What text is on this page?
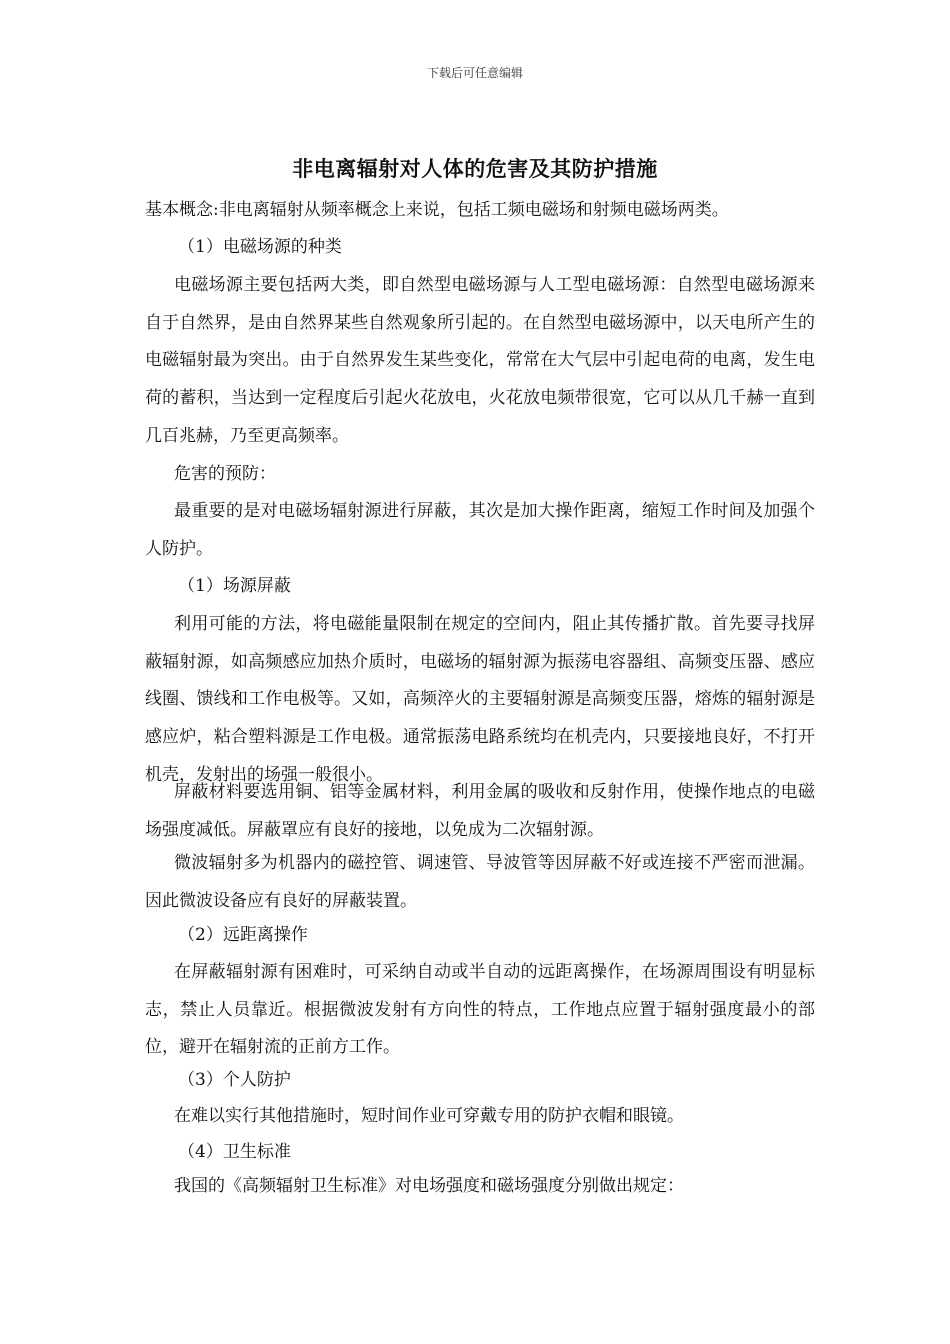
下载后可任意编辑
非电离辐射对人体的危害及其防护措施
基本概念:非电离辐射从频率概念上来说，包括工频电磁场和射频电磁场两类。
（1）电磁场源的种类
电磁场源主要包括两大类，即自然型电磁场源与人工型电磁场源：自然型电磁场源来自于自然界，是由自然界某些自然观象所引起的。在自然型电磁场源中，以天电所产生的电磁辐射最为突出。由于自然界发生某些变化，常常在大气层中引起电荷的电离，发生电荷的蓄积，当达到一定程度后引起火花放电，火花放电频带很宽，它可以从几千赫一直到几百兆赫，乃至更高频率。
危害的预防：
最重要的是对电磁场辐射源进行屏蔽，其次是加大操作距离，缩短工作时间及加强个人防护。
（1）场源屏蔽
利用可能的方法，将电磁能量限制在规定的空间内，阻止其传播扩散。首先要寻找屏蔽辐射源，如高频感应加热介质时，电磁场的辐射源为振荡电容器组、高频变压器、感应线圈、馈线和工作电极等。又如，高频淬火的主要辐射源是高频变压器，熔炼的辐射源是感应炉，粘合塑料源是工作电极。通常振荡电路系统均在机壳内，只要接地良好，不打开机壳，发射出的场强一般很小。
屏蔽材料要选用铜、铝等金属材料，利用金属的吸收和反射作用，使操作地点的电磁场强度减低。屏蔽罩应有良好的接地，以免成为二次辐射源。
微波辐射多为机器内的磁控管、调速管、导波管等因屏蔽不好或连接不严密而泄漏。因此微波设备应有良好的屏蔽装置。
（2）远距离操作
在屏蔽辐射源有困难时，可采纳自动或半自动的远距离操作，在场源周围设有明显标志，禁止人员靠近。根据微波发射有方向性的特点，工作地点应置于辐射强度最小的部位，避开在辐射流的正前方工作。
（3）个人防护
在难以实行其他措施时，短时间作业可穿戴专用的防护衣帽和眼镜。
（4）卫生标准
我国的《高频辐射卫生标准》对电场强度和磁场强度分别做出规定：
